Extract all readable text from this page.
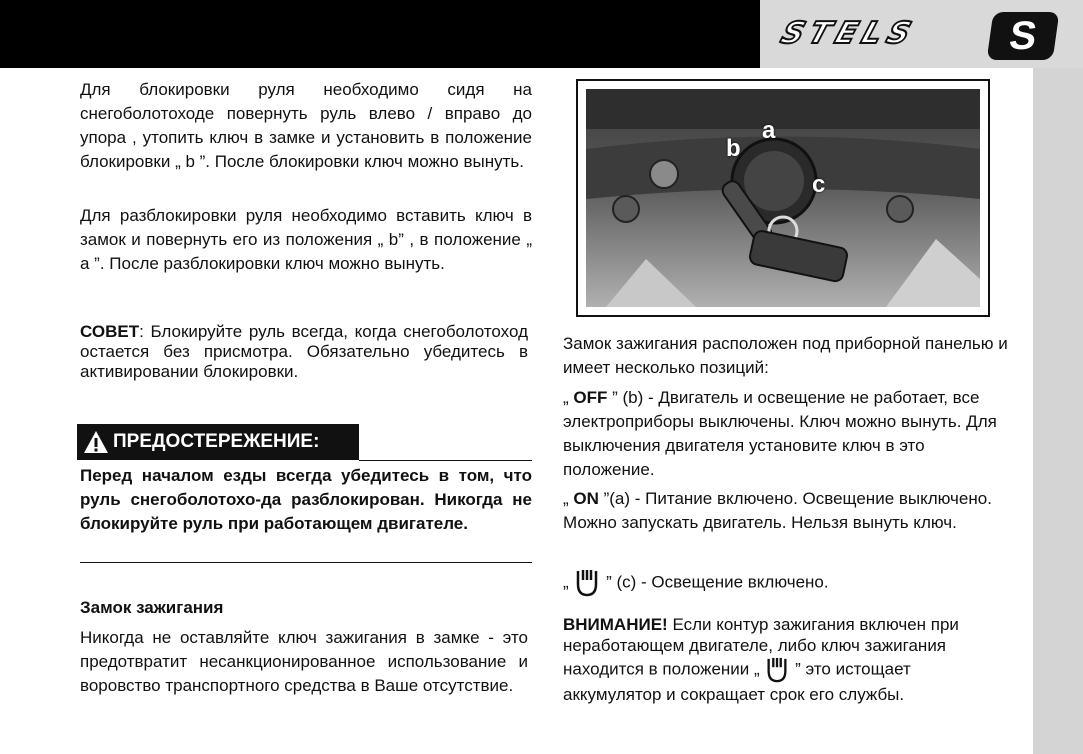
STELS	S

Для блокировки руля необходимо сидя на снегоболотоходе повернуть руль влево / вправо до упора , утопить ключ в замке и установить в положение блокировки „ b ”. После блокировки ключ можно вынуть.

Для разблокировки руля необходимо вставить ключ в замок и повернуть его из положения „ b” , в положение „ a ”. После разблокировки ключ можно вынуть.

СОВЕТ: Блокируйте руль всегда, когда снегоболотоход остается без присмотра. Обязательно убедитесь в активировании блокировки.

ПРЕДОСТЕРЕЖЕНИЕ:

Перед началом езды всегда убедитесь в том, что руль снегоболотохо-да разблокирован. Никогда не блокируйте руль при работающем двигателе.

Замок зажигания

Никогда не оставляйте ключ зажигания в замке - это предотвратит несанкционированное использование и воровство транспортного средства в Ваше отсутствие.

b
a
c

Замок зажигания расположен под приборной панелью и имеет несколько позиций:

„ OFF ” (b) - Двигатель и освещение не работает, все электроприборы выключены. Ключ можно вынуть. Для выключения двигателя установите ключ в это положение.

„ ON ”(a) - Питание включено. Освещение выключено. Можно запускать двигатель. Нельзя вынуть ключ.

„  ” (c) - Освещение включено.

ВНИМАНИЕ! Если контур зажигания включен при неработающем двигателе, либо ключ зажигания находится в положении „  ” это истощает аккумулятор и сокращает срок его службы.
